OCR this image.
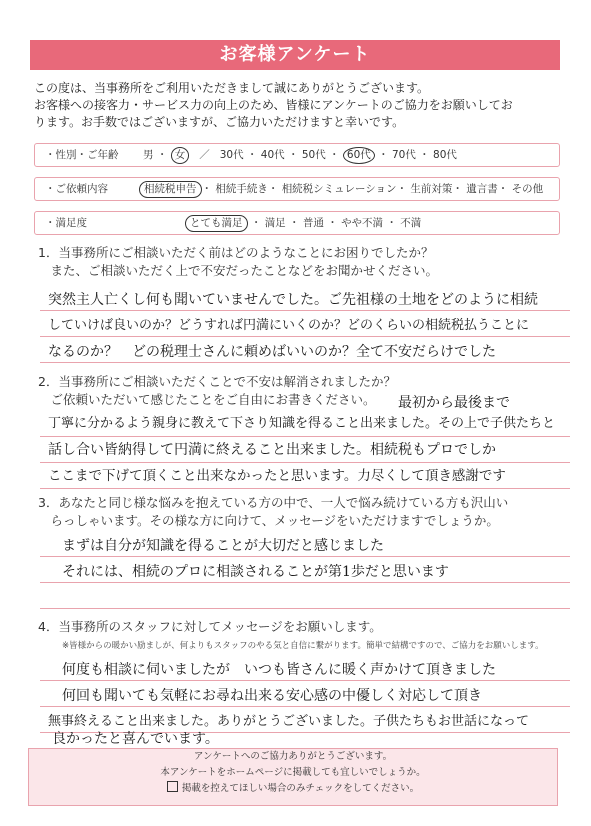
お客様アンケート
この度は、当事務所をご利用いただきまして誠にありがとうございます。
お客様への接客力・サービス力の向上のため、皆様にアンケートのご協力をお願いしてお
ります。お手数ではございますが、ご協力いただけますと幸いです。
・性別・ご年齢 男 ・ 女 ／ 30代 ・ 40代 ・ 50代 ・ 60代 ・ 70代 ・ 80代
・ご依頼内容	相続税申告 ・ 相続手続き・ 相続税シミュレーション・ 生前対策・ 遺言書・ その他
・満足度	とても満足 ・ 満足 ・ 普通 ・ やや不満 ・ 不満
1．当事務所にご相談いただく前はどのようなことにお困りでしたか？
　また、ご相談いただく上で不安だったことなどをお聞かせください。
突然主人亡くし何も聞いていませんでした。ご先祖様の土地をどのように相続
していけば良いのか？どうすれば円満にいくのか？どのくらいの相続税払うことに
なるのか？　どの税理士さんに頼めばいいのか？全て不安だらけでした
2．当事務所にご相談いただくことで不安は解消されましたか？
　ご依頼いただいて感じたことをご自由にお書きください。	最初から最後まで
丁寧に分かるよう親身に教えて下さり知識を得ること出来ました。その上で子供たちと
話し合い皆納得して円満に終えること出来ました。相続税もプロでしか
ここまで下げて頂くこと出来なかったと思います。力尽くして頂き感謝です
3．あなたと同じ様な悩みを抱えている方の中で、一人で悩み続けている方も沢山い
　らっしゃいます。その様な方に向けて、メッセージをいただけますでしょうか。
まずは自分が知識を得ることが大切だと感じました
それには、相続のプロに相談されることが第1歩だと思います
4．当事務所のスタッフに対してメッセージをお願いします。
※皆様からの暖かい励ましが、何よりもスタッフのやる気と自信に繋がります。簡単で結構ですので、ご協力をお願いします。
何度も相談に伺いましたが　いつも皆さんに暖く声かけて頂きました
何回も聞いても気軽にお尋ね出来る安心感の中優しく対応して頂き
無事終えること出来ました。ありがとうございました。子供たちもお世話になって
良かったと喜んでいます。
アンケートへのご協力ありがとうございます。
本アンケートをホームページに掲載しても宜しいでしょうか。
掲載を控えてほしい場合のみチェックをしてください。
